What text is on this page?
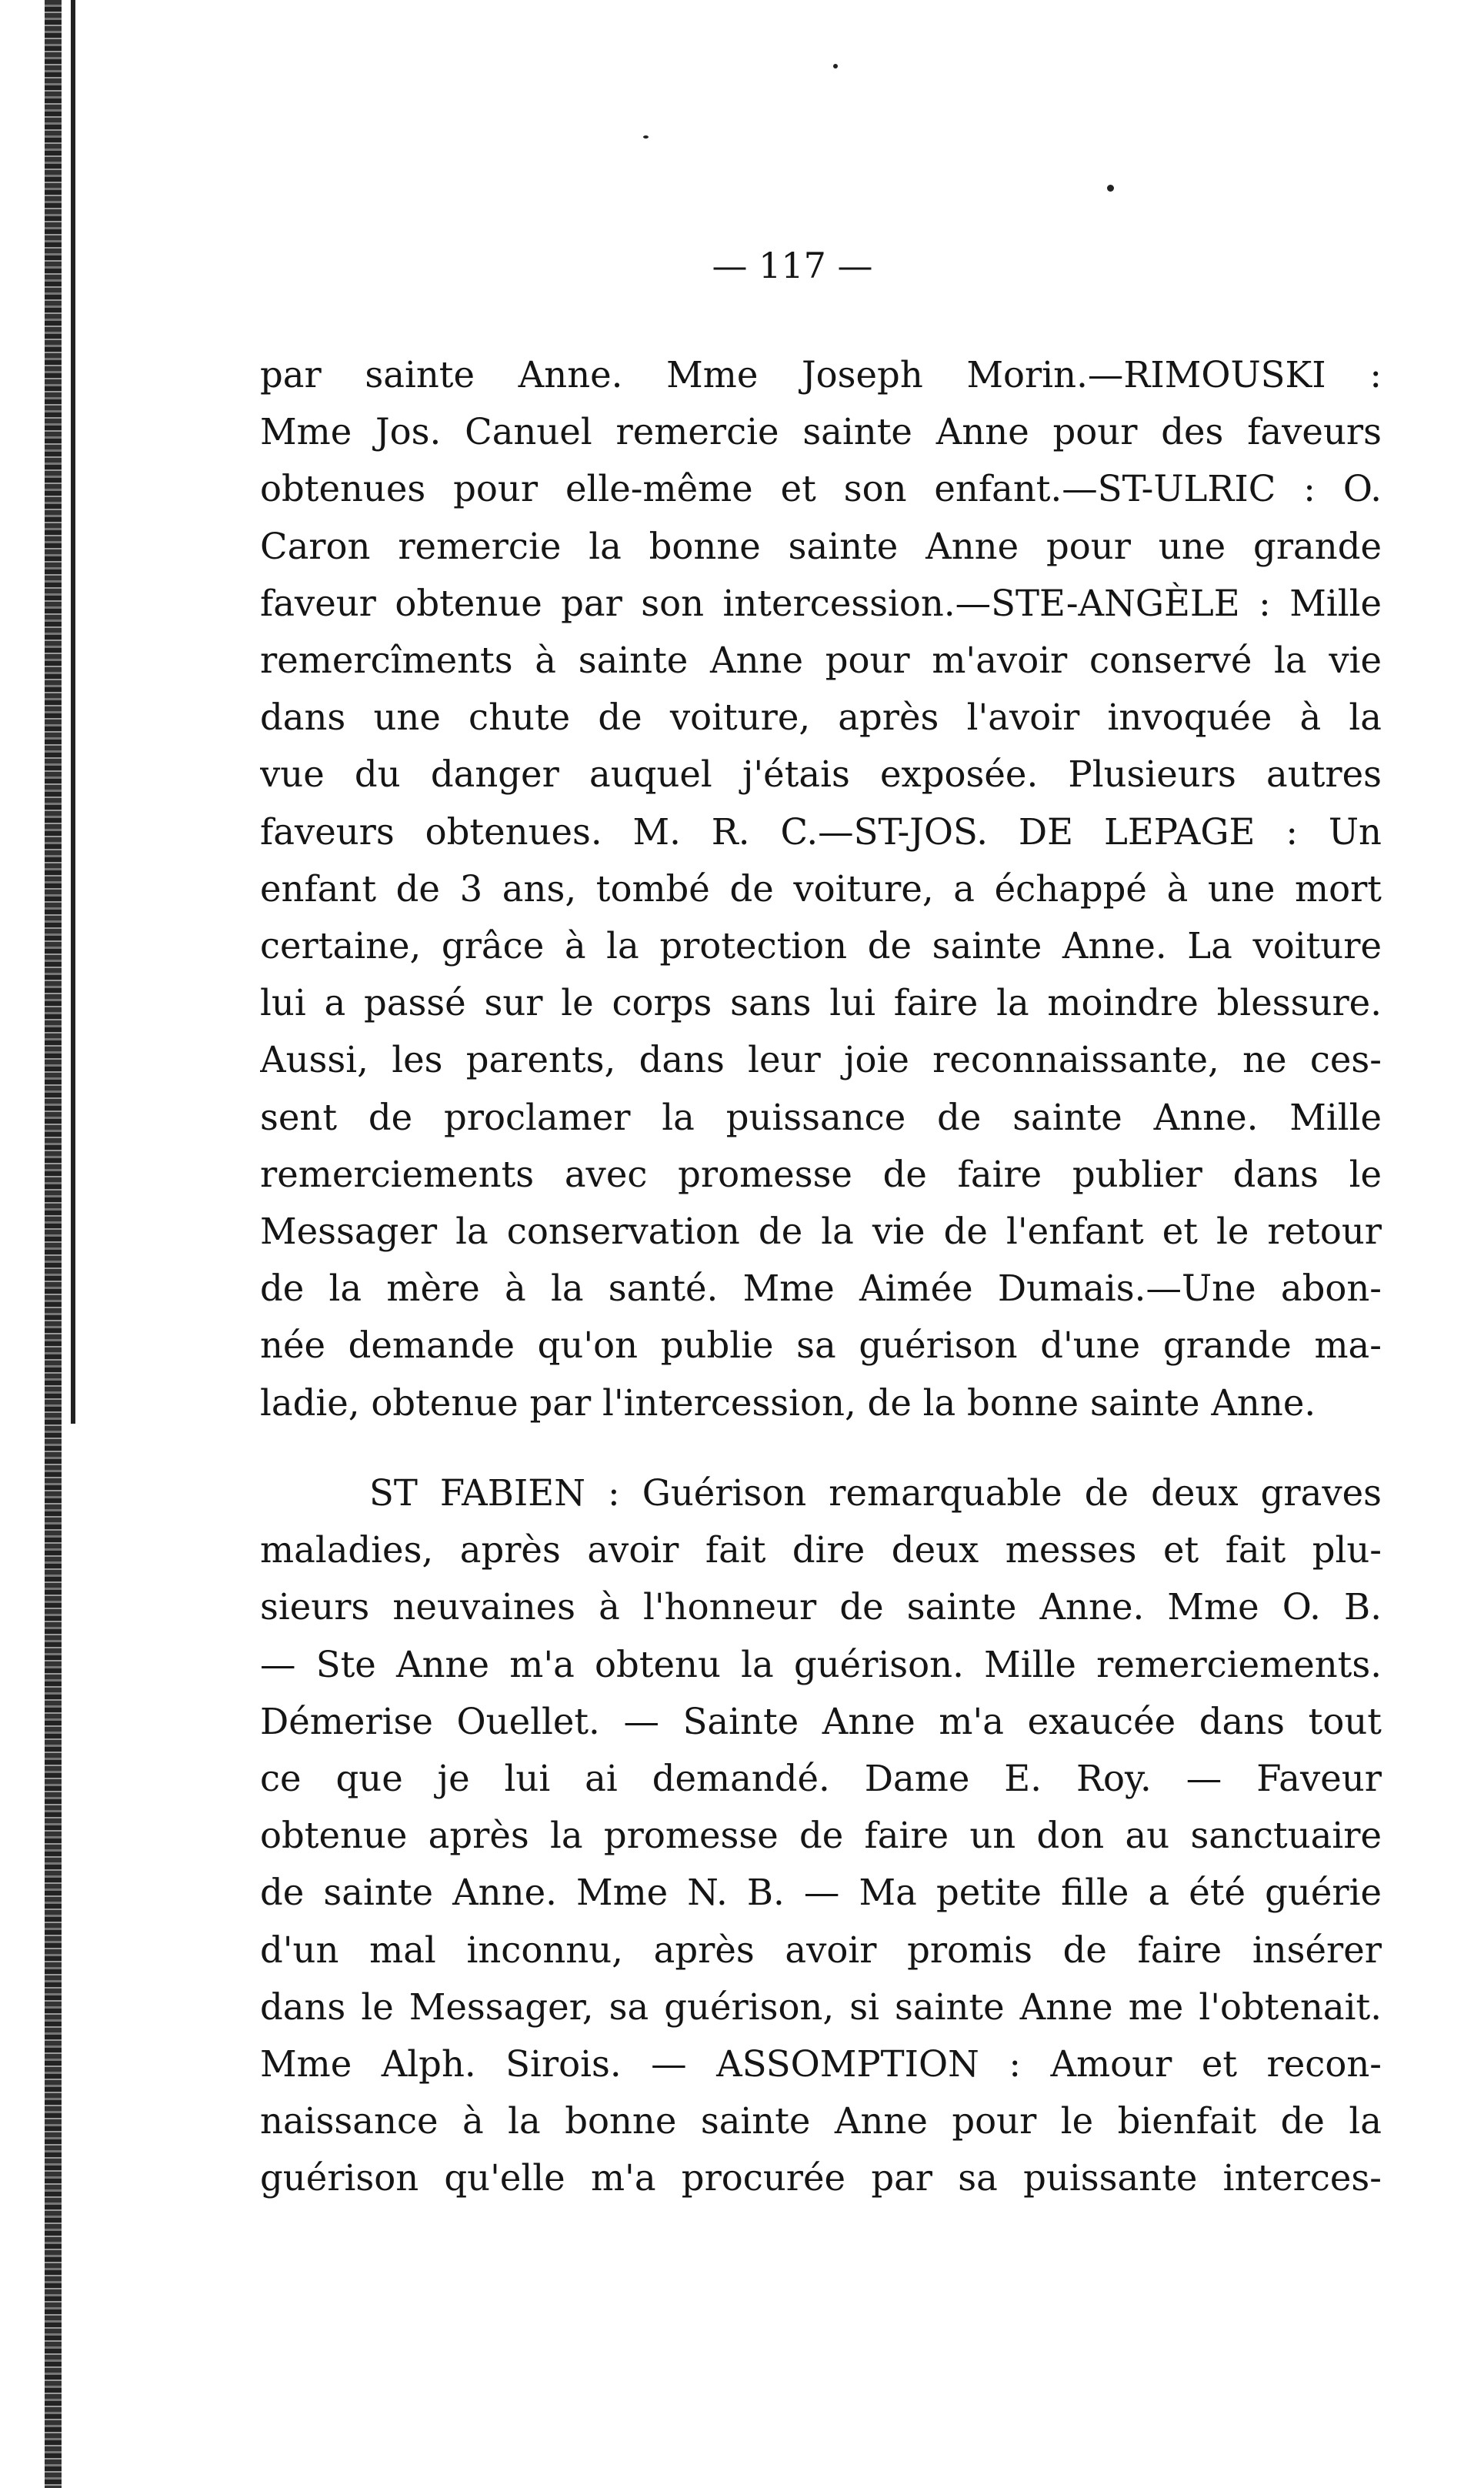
— 117 —
par sainte Anne. Mme Joseph Morin.—RIMOUSKI :
Mme Jos. Canuel remercie sainte Anne pour des faveurs
obtenues pour elle-même et son enfant.—ST-ULRIC : O.
Caron remercie la bonne sainte Anne pour une grande
faveur obtenue par son intercession.—STE-ANGÈLE : Mille
remercîments à sainte Anne pour m'avoir conservé la vie
dans une chute de voiture, après l'avoir invoquée à la
vue du danger auquel j'étais exposée. Plusieurs autres
faveurs obtenues. M. R. C.—ST-JOS. DE LEPAGE : Un
enfant de 3 ans, tombé de voiture, a échappé à une mort
certaine, grâce à la protection de sainte Anne. La voiture
lui a passé sur le corps sans lui faire la moindre blessure.
Aussi, les parents, dans leur joie reconnaissante, ne ces-
sent de proclamer la puissance de sainte Anne. Mille
remerciements avec promesse de faire publier dans le
Messager la conservation de la vie de l'enfant et le retour
de la mère à la santé. Mme Aimée Dumais.—Une abon-
née demande qu'on publie sa guérison d'une grande ma-
ladie, obtenue par l'intercession, de la bonne sainte Anne.
ST FABIEN : Guérison remarquable de deux graves
maladies, après avoir fait dire deux messes et fait plu-
sieurs neuvaines à l'honneur de sainte Anne. Mme O. B.
— Ste Anne m'a obtenu la guérison. Mille remerciements.
Démerise Ouellet. — Sainte Anne m'a exaucée dans tout
ce que je lui ai demandé. Dame E. Roy. — Faveur
obtenue après la promesse de faire un don au sanctuaire
de sainte Anne. Mme N. B. — Ma petite fille a été guérie
d'un mal inconnu, après avoir promis de faire insérer
dans le Messager, sa guérison, si sainte Anne me l'obtenait.
Mme Alph. Sirois. — ASSOMPTION : Amour et recon-
naissance à la bonne sainte Anne pour le bienfait de la
guérison qu'elle m'a procurée par sa puissante interces-
